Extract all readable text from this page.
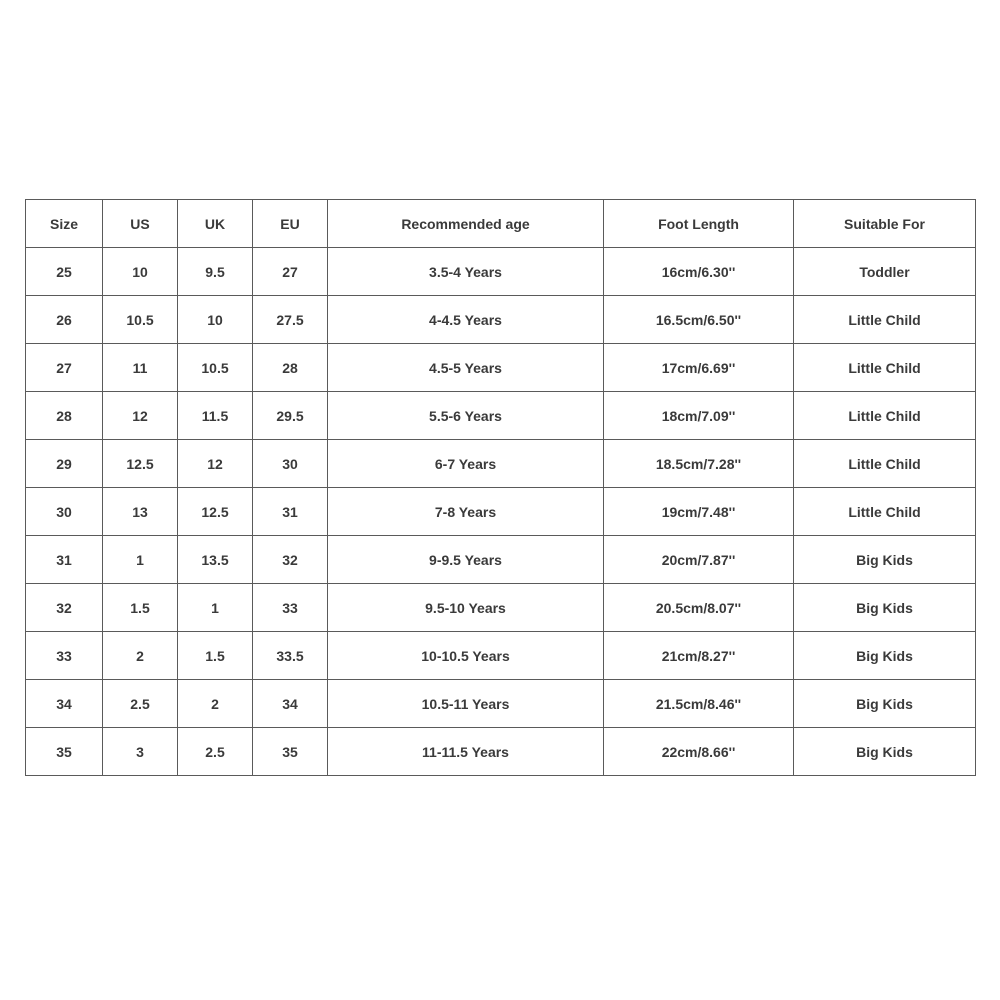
Size	US	UK	EU	Recommended age	Foot Length	Suitable For
25	10	9.5	27	3.5-4 Years	16cm/6.30''	Toddler
26	10.5	10	27.5	4-4.5 Years	16.5cm/6.50''	Little Child
27	11	10.5	28	4.5-5 Years	17cm/6.69''	Little Child
28	12	11.5	29.5	5.5-6 Years	18cm/7.09''	Little Child
29	12.5	12	30	6-7 Years	18.5cm/7.28''	Little Child
30	13	12.5	31	7-8 Years	19cm/7.48''	Little Child
31	1	13.5	32	9-9.5 Years	20cm/7.87''	Big Kids
32	1.5	1	33	9.5-10 Years	20.5cm/8.07''	Big Kids
33	2	1.5	33.5	10-10.5 Years	21cm/8.27''	Big Kids
34	2.5	2	34	10.5-11 Years	21.5cm/8.46''	Big Kids
35	3	2.5	35	11-11.5 Years	22cm/8.66''	Big Kids
